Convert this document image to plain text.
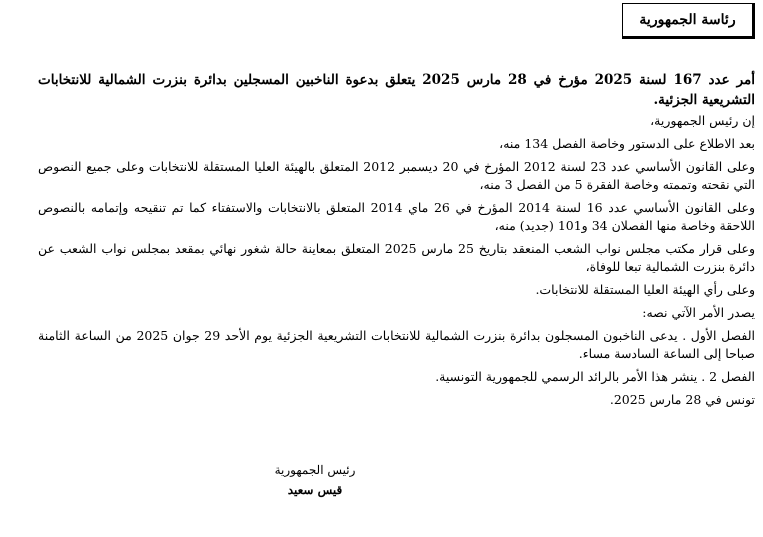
رئاسة الجمهورية
أمر عدد 167 لسنة 2025 مؤرخ في 28 مارس 2025 يتعلق بدعوة الناخبين المسجلين بدائرة بنزرت الشمالية للانتخابات التشريعية الجزئية.
إن رئيس الجمهورية،
بعد الاطلاع على الدستور وخاصة الفصل 134 منه،
وعلى القانون الأساسي عدد 23 لسنة 2012 المؤرخ في 20 ديسمبر 2012 المتعلق بالهيئة العليا المستقلة للانتخابات وعلى جميع النصوص التي نقحته وتممته وخاصة الفقرة 5 من الفصل 3 منه،
وعلى القانون الأساسي عدد 16 لسنة 2014 المؤرخ في 26 ماي 2014 المتعلق بالانتخابات والاستفتاء كما تم تنقيحه وإتمامه بالنصوص اللاحقة وخاصة منها الفصلان 34 و101 (جديد) منه،
وعلى قرار مكتب مجلس نواب الشعب المنعقد بتاريخ 25 مارس 2025 المتعلق بمعاينة حالة شغور نهائي بمقعد بمجلس نواب الشعب عن دائرة بنزرت الشمالية تبعا للوفاة،
وعلى رأي الهيئة العليا المستقلة للانتخابات.
يصدر الأمر الآتي نصه:
الفصل الأول . يدعى الناخبون المسجلون بدائرة بنزرت الشمالية للانتخابات التشريعية الجزئية يوم الأحد 29 جوان 2025 من الساعة الثامنة صباحا إلى الساعة السادسة مساء.
الفصل 2 . ينشر هذا الأمر بالرائد الرسمي للجمهورية التونسية.
تونس في 28 مارس 2025.
رئيس الجمهورية
قيس سعيد
